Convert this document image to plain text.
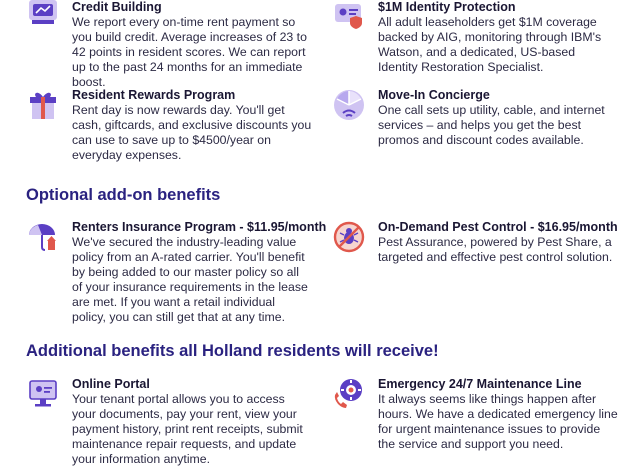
Credit Building
We report every on-time rent payment so you build credit. Average increases of 23 to 42 points in resident scores. We can report up to the past 24 months for an immediate boost.
$1M Identity Protection
All adult leaseholders get $1M coverage backed by AIG, monitoring through IBM's Watson, and a dedicated, US-based Identity Restoration Specialist.
Resident Rewards Program
Rent day is now rewards day. You'll get cash, giftcards, and exclusive discounts you can use to save up to $4500/year on everyday expenses.
Move-In Concierge
One call sets up utility, cable, and internet services – and helps you get the best promos and discount codes available.
Optional add-on benefits
Renters Insurance Program - $11.95/month
We've secured the industry-leading value policy from an A-rated carrier. You'll benefit by being added to our master policy so all of your insurance requirements in the lease are met. If you want a retail individual policy, you can still get that at any time.
On-Demand Pest Control - $16.95/month
Pest Assurance, powered by Pest Share, a targeted and effective pest control solution.
Additional benefits all Holland residents will receive!
Online Portal
Your tenant portal allows you to access your documents, pay your rent, view your payment history, print rent receipts, submit maintenance repair requests, and update your information anytime.
Emergency 24/7 Maintenance Line
It always seems like things happen after hours. We have a dedicated emergency line for urgent maintenance issues to provide the service and support you need.
